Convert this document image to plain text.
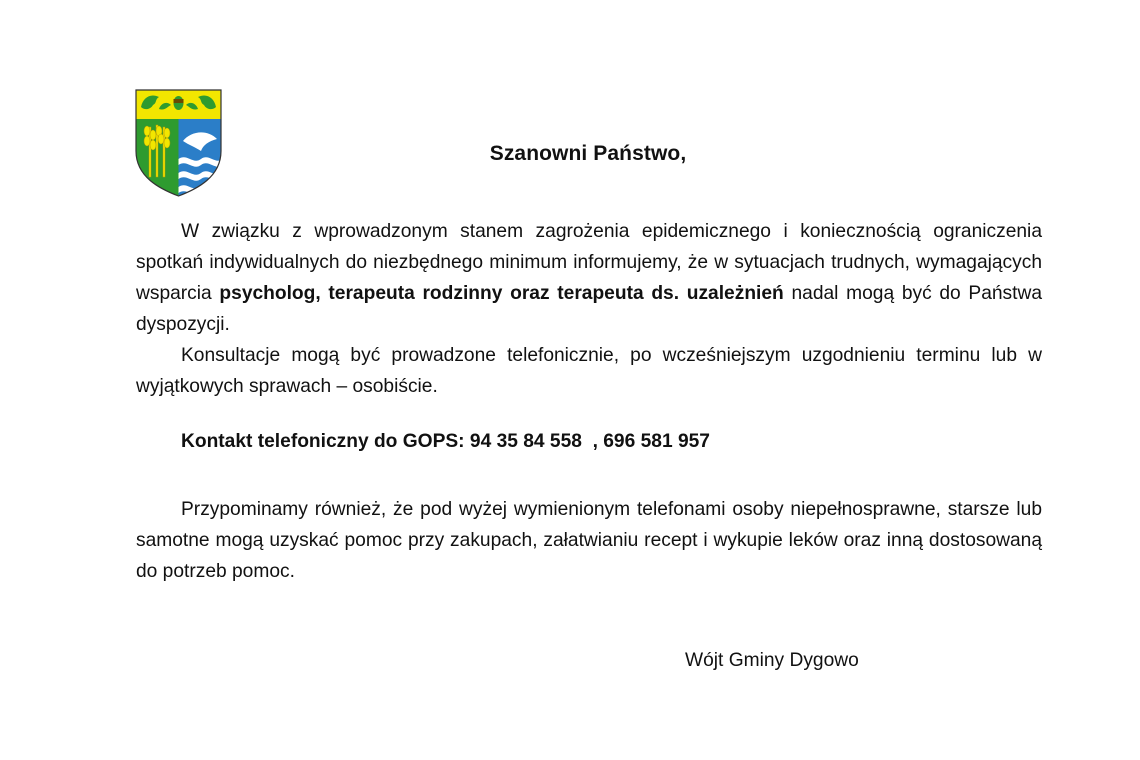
Szanowni Państwo,

W związku z wprowadzonym stanem zagrożenia epidemicznego i koniecznością ograniczenia spotkań indywidualnych do niezbędnego minimum informujemy, że w sytuacjach trudnych, wymagających wsparcia psycholog, terapeuta rodzinny oraz terapeuta ds. uzależnień nadal mogą być do Państwa dyspozycji.

Konsultacje mogą być prowadzone telefonicznie, po wcześniejszym uzgodnieniu terminu lub w wyjątkowych sprawach – osobiście.

Kontakt telefoniczny do GOPS: 94 35 84 558  , 696 581 957

Przypominamy również, że pod wyżej wymienionym telefonami osoby niepełnosprawne, starsze lub samotne mogą uzyskać pomoc przy zakupach, załatwianiu recept i wykupie leków oraz inną dostosowaną do potrzeb pomoc.

Wójt Gminy Dygowo
